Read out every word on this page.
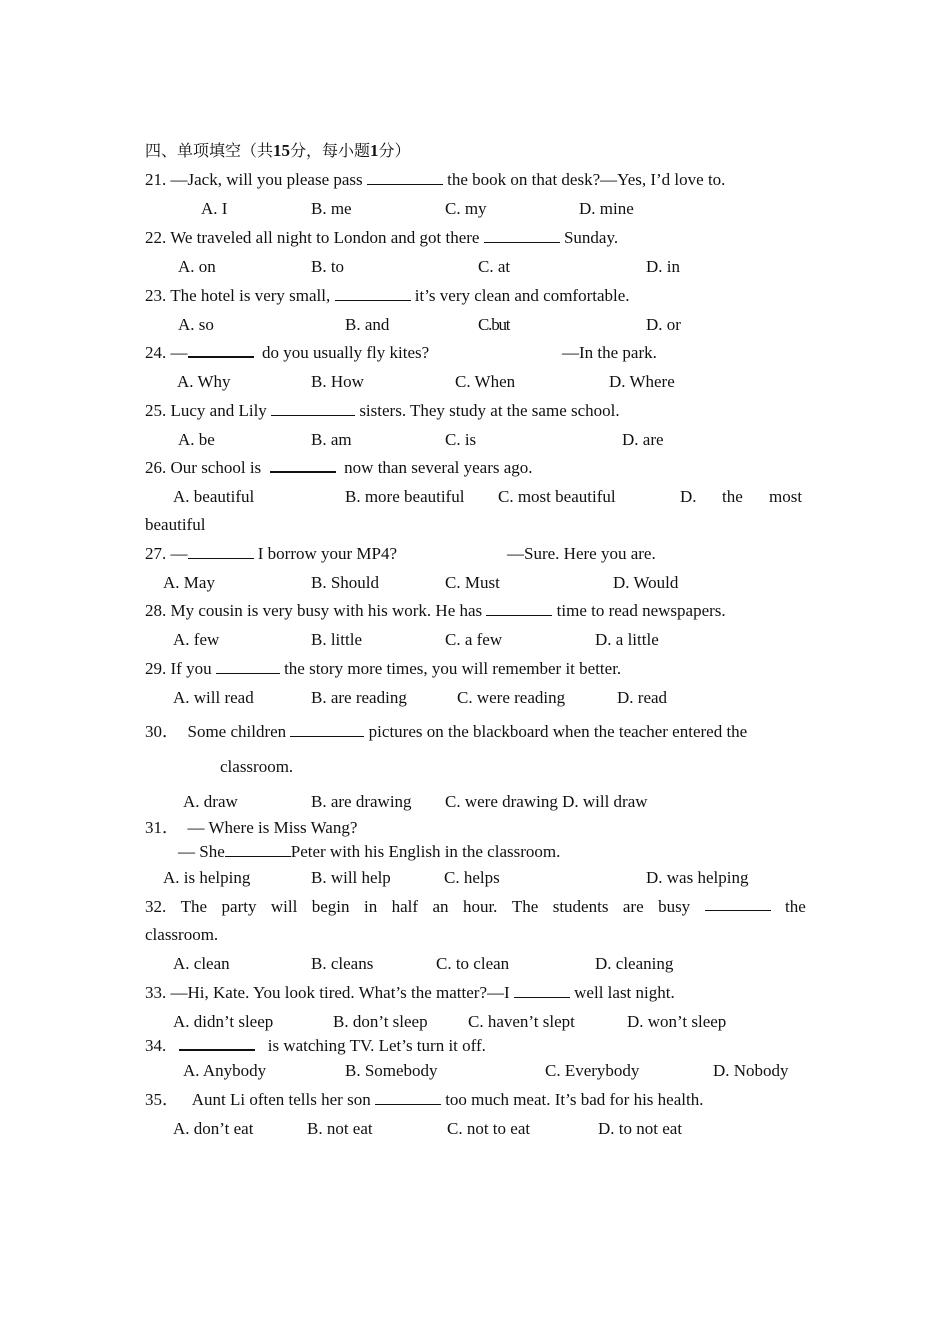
四、单项填空（共15分，每小题1分）
21. —Jack, will you please pass	the book on that desk?—Yes, I’d love to.
A. I	B. me	C. my	D. mine
22. We traveled all night to London and got there	Sunday.
A. on	B. to	C. at	D. in
23. The hotel is very small,	it’s very clean and comfortable.
A. so	B. and	C.but	D. or
24. —	do you usually fly kites?	—In the park.
A. Why	B. How	C. When	D. Where
25. Lucy and Lily	sisters. They study at the same school.
A. be	B. am	C. is	D. are
26. Our school is	now than several years ago.
A. beautiful	B. more beautiful C. most beautiful	D. the most
beautiful
27. —	I borrow your MP4?	—Sure. Here you are.
A. May	B. Should	C. Must	D. Would
28. My cousin is very busy with his work. He has	time to read newspapers.
A. few	B. little	C. a few	D. a little
29. If you	the story more times, you will remember it better.
A. will read	B. are reading	C. were reading	D. read
30． Some children	pictures on the blackboard when the teacher entered the
classroom.
A. draw	B. are drawing C. were drawing D. will draw
31． — Where is Miss Wang?
— She	Peter with his English in the classroom.
A. is helping	B. will help	C. helps	D. was helping
32. The party will begin in half an hour. The students are busy	the
classroom.
A. clean	B. cleans	C. to clean	D. cleaning
33. —Hi, Kate. You look tired. What’s the matter?—I	well last night.
A. didn’t sleep	B. don’t sleep C. haven’t slept	D. won’t sleep
34.	is watching TV. Let’s turn it off.
A. Anybody	B. Somebody	C. Everybody	D. Nobody
35． Aunt Li often tells her son	too much meat. It’s bad for his health.
A. don’t eat	B. not eat	C. not to eat	D. to not eat
